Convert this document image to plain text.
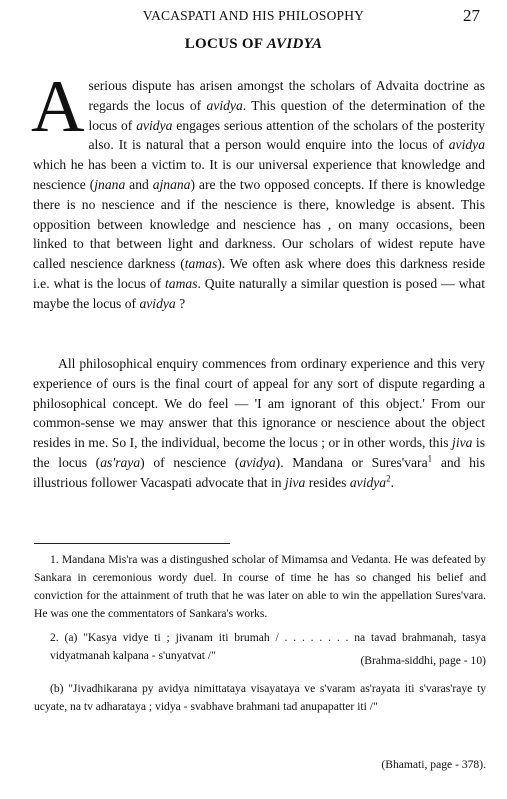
VACASPATI AND HIS PHILOSOPHY	27
LOCUS OF AVIDYA
A serious dispute has arisen amongst the scholars of Advaita doctrine as regards the locus of avidya. This question of the determination of the locus of avidya engages serious attention of the scholars of the posterity also. It is natural that a person would enquire into the locus of avidya which he has been a victim to. It is our universal experience that knowledge and nescience (jnana and ajnana) are the two opposed concepts. If there is knowledge there is no nescience and if the nescience is there, knowledge is absent. This opposition between knowledge and nescience has , on many occasions, been linked to that between light and darkness. Our scholars of widest repute have called nescience darkness (tamas). We often ask where does this darkness reside i.e. what is the locus of tamas. Quite naturally a similar question is posed — what maybe the locus of avidya ?
All philosophical enquiry commences from ordinary experience and this very experience of ours is the final court of appeal for any sort of dispute regarding a philosophical concept. We do feel — 'I am ignorant of this object.' From our common-sense we may answer that this ignorance or nescience about the object resides in me. So I, the individual, become the locus ; or in other words, this jiva is the locus (as'raya) of nescience (avidya). Mandana or Sures'vara$^1$ and his illustrious follower Vacaspati advocate that in jiva resides avidya$^2$.
1. Mandana Mis'ra was a distingushed scholar of Mimamsa and Vedanta. He was defeated by Sankara in ceremonious wordy duel. In course of time he has so changed his belief and conviction for the attainment of truth that he was later on able to win the appellation Sures'vara. He was one the commentators of Sankara's works.
2. (a) "Kasya vidye ti ; jivanam iti brumah / . . . . . . . . na tavad brahmanah, tasya vidyatmanah kalpana - s'unyatvat /"	(Brahma-siddhi, page - 10)
(b) "Jivadhikarana py avidya nimittataya visayataya ve s'varam as'rayata iti s'varas'raye ty ucyate, na tv adharataya ; vidya - svabhave brahmani tad anupapatter iti /"
(Bhamati, page - 378).
